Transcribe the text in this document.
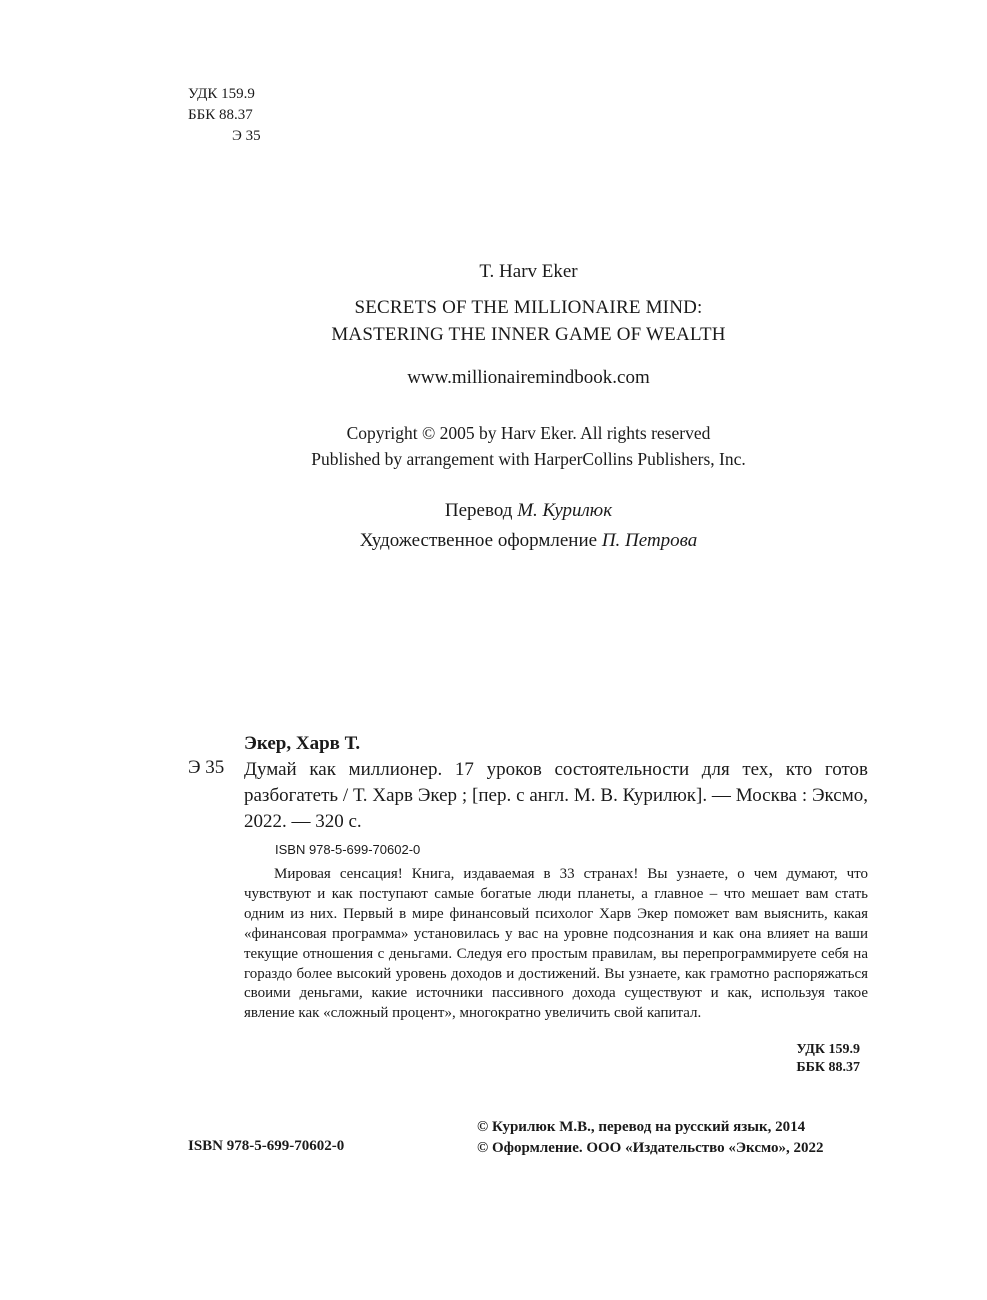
УДК 159.9
ББК 88.37
Э 35
T. Harv Eker
SECRETS OF THE MILLIONAIRE MIND:
MASTERING THE INNER GAME OF WEALTH
www.millionairemindbook.com
Copyright © 2005 by Harv Eker. All rights reserved
Published by arrangement with HarperCollins Publishers, Inc.
Перевод М. Курилюк
Художественное оформление П. Петрова
Экер, Харв Т.
Э 35 Думай как миллионер. 17 уроков состоятельности для тех, кто готов разбогатеть / Т. Харв Экер ; [пер. с англ. М. В. Курилюк]. — Москва : Эксмо, 2022. — 320 с.
ISBN 978-5-699-70602-0
Мировая сенсация! Книга, издаваемая в 33 странах! Вы узнаете, о чем думают, что чувствуют и как поступают самые богатые люди планеты, а главное – что мешает вам стать одним из них. Первый в мире финансовый психолог Харв Экер поможет вам выяснить, какая «финансовая программа» установилась у вас на уровне подсознания и как она влияет на ваши текущие отношения с деньгами. Следуя его простым правилам, вы перепрограммируете себя на гораздо более высокий уровень доходов и достижений. Вы узнаете, как грамотно распоряжаться своими деньгами, какие источники пассивного дохода существуют и как, используя такое явление как «сложный процент», многократно увеличить свой капитал.
УДК 159.9
ББК 88.37
ISBN 978-5-699-70602-0
© Курилюк М.В., перевод на русский язык, 2014
© Оформление. ООО «Издательство «Эксмо», 2022
